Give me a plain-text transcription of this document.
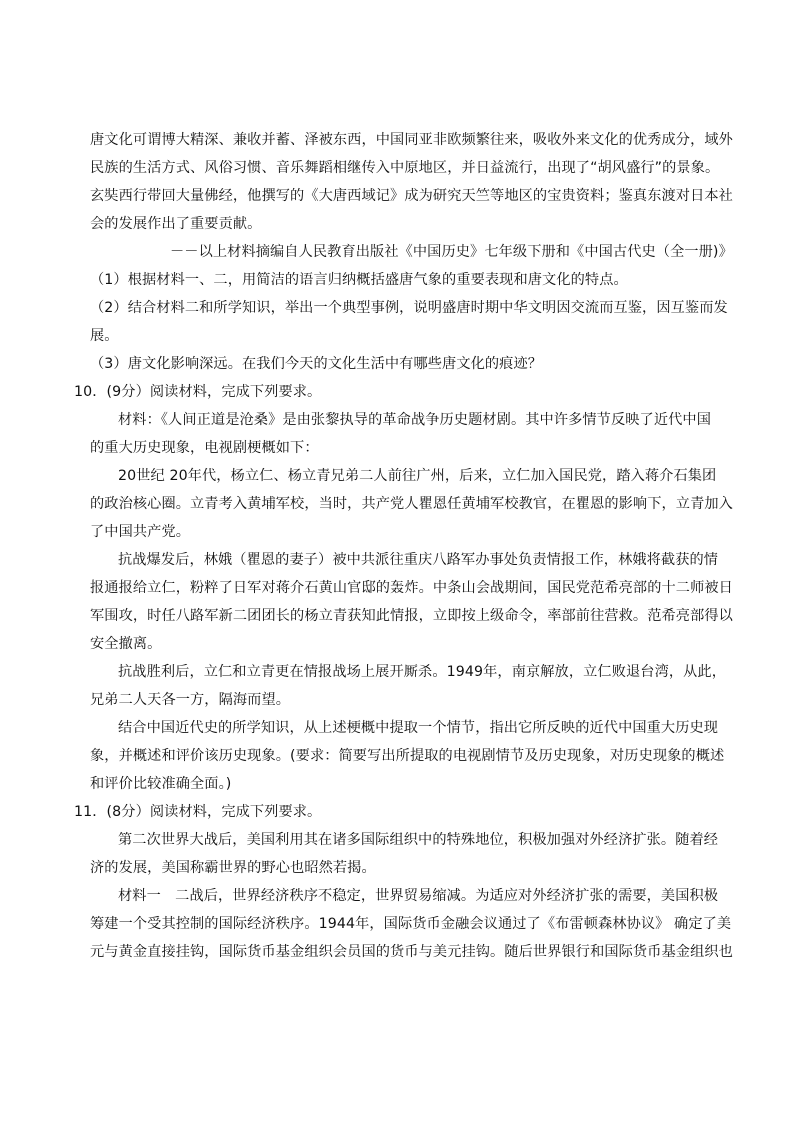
唐文化可谓博大精深、兼收并蓄、泽被东西，中国同亚非欧频繁往来，吸收外来文化的优秀成分，域外
民族的生活方式、风俗习惯、音乐舞蹈相继传入中原地区，并日益流行，出现了“胡风盛行”的景象。
玄奘西行带回大量佛经，他撰写的《大唐西域记》成为研究天竺等地区的宝贵资料；鉴真东渡对日本社
会的发展作出了重要贡献。
－－以上材料摘编自人民教育出版社《中国历史》七年级下册和《中国古代史（全一册)》
（1）根据材料一、二，用简洁的语言归纳概括盛唐气象的重要表现和唐文化的特点。
（2）结合材料二和所学知识，举出一个典型事例，说明盛唐时期中华文明因交流而互鉴，因互鉴而发
展。
（3）唐文化影响深远。在我们今天的文化生活中有哪些唐文化的痕迹？
10．(9分）阅读材料，完成下列要求。
材料：《人间正道是沧桑》是由张黎执导的革命战争历史题材剧。其中许多情节反映了近代中国
的重大历史现象，电视剧梗概如下：
20世纪 20年代，杨立仁、杨立青兄弟二人前往广州，后来，立仁加入国民党，踏入蒋介石集团
的政治核心圈。立青考入黄埔军校，当时，共产党人瞿恩任黄埔军校教官，在瞿恩的影响下，立青加入
了中国共产党。
抗战爆发后，林娥（瞿恩的妻子）被中共派往重庆八路军办事处负责情报工作，林娥将截获的情
报通报给立仁，粉粹了日军对蒋介石黄山官邸的轰炸。中条山会战期间，国民党范希亮部的十二师被日
军围攻，时任八路军新二团团长的杨立青获知此情报，立即按上级命令，率部前往营救。范希亮部得以
安全撤离。
抗战胜利后，立仁和立青更在情报战场上展开厮杀。1949年，南京解放，立仁败退台湾，从此，
兄弟二人天各一方，隔海而望。
结合中国近代史的所学知识，从上述梗概中提取一个情节，指出它所反映的近代中国重大历史现
象，并概述和评价该历史现象。(要求：简要写出所提取的电视剧情节及历史现象，对历史现象的概述
和评价比较准确全面。)
11．(8分）阅读材料，完成下列要求。
第二次世界大战后，美国利用其在诸多国际组织中的特殊地位，积极加强对外经济扩张。随着经
济的发展，美国称霸世界的野心也昭然若揭。
材料一　二战后，世界经济秩序不稳定，世界贸易缩减。为适应对外经济扩张的需要，美国积极
筹建一个受其控制的国际经济秩序。1944年，国际货币金融会议通过了《布雷顿森林协议》 确定了美
元与黄金直接挂钩，国际货币基金组织会员国的货币与美元挂钩。随后世界银行和国际货币基金组织也
